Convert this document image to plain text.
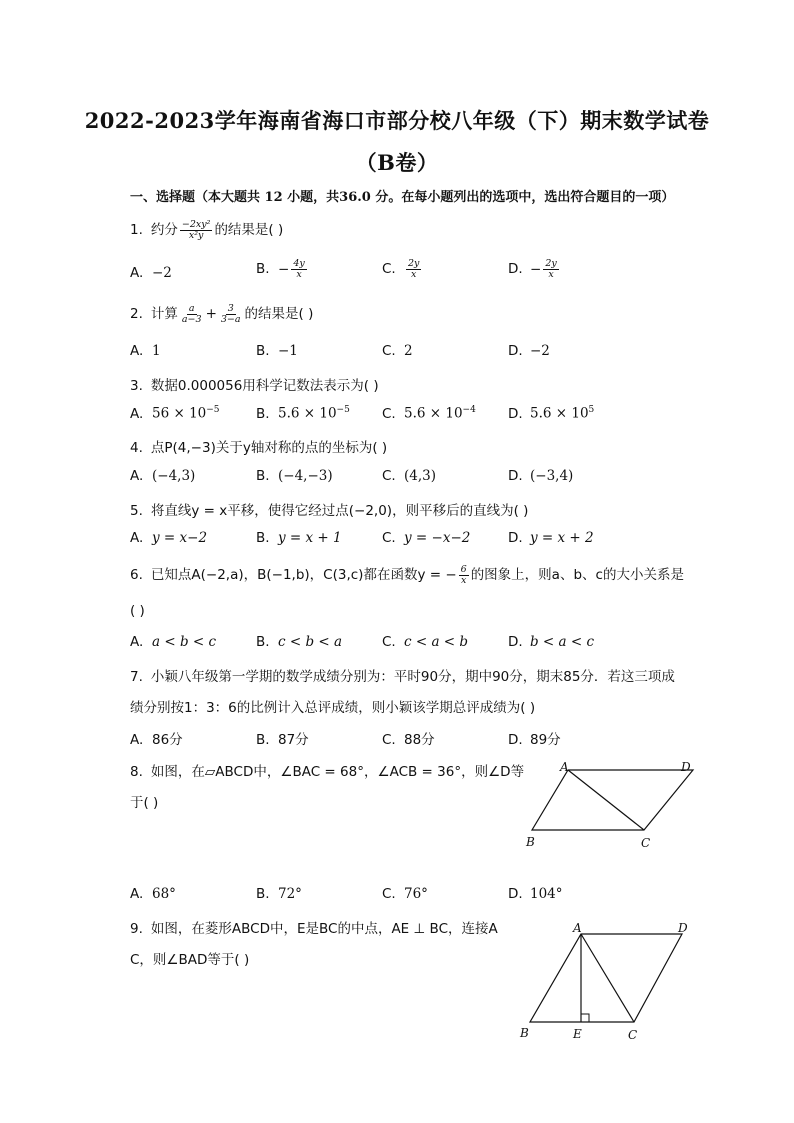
2022-2023学年海南省海口市部分校八年级（下）期末数学试卷
（B卷）
一、选择题（本大题共 12 小题，共36.0 分。在每小题列出的选项中，选出符合题目的一项）
1. 约分 $\frac{\text{−2xy²}}{\text{x²y}}$ 的结果是( )
A. −2	B. − $\frac{4y}{x}$	C. $\frac{2y}{x}$	D. − $\frac{2y}{x}$
2. 计算 $\frac{a}{a-3} + \frac{3}{3-a}$ 的结果是( )
A. 1	B. −1	C. 2	D. −2
3. 数据0.000056用科学记数法表示为( )
A. $56 \times 10^{-5}$	B. $5.6 \times 10^{-5}$ C. $5.6 \times 10^{-4}$ D. $5.6 \times 10^5$
4. 点P(4,−3)关于y轴对称的点的坐标为( )
A. (−4,3)	B. (−4,−3)	C. (4,3)	D. (−3,4)
5. 将直线y = x平移，使得它经过点(−2,0)，则平移后的直线为( )
A. y = x−2	B. y = x + 1	C. y = −x−2	D. y = x + 2
6. 已知点A(−2,a)，B(−1,b)，C(3,c)都在函数y = − $\frac{6}{x}$ 的图象上，则a、b、c的大小关系是
( )
A. a < b < c	B. c < b < a	C. c < a < b	D. b < a < c
7. 小颖八年级第一学期的数学成绩分别为：平时90分，期中90分，期末85分．若这三项成
绩分别按1：3：6的比例计入总评成绩，则小颖该学期总评成绩为( )
A. 86分	B. 87分	C. 88分	D. 89分
8. 如图，在▱ABCD中，∠BAC = 68°，∠ACB = 36°，则∠D等
于( )
A	D
B	C
A. 68°	B. 72°	C. 76°	D. 104°
9. 如图，在菱形ABCD中，E是BC的中点，AE ⊥ BC，连接A
C，则∠BAD等于( )
A	D
B	E	C
